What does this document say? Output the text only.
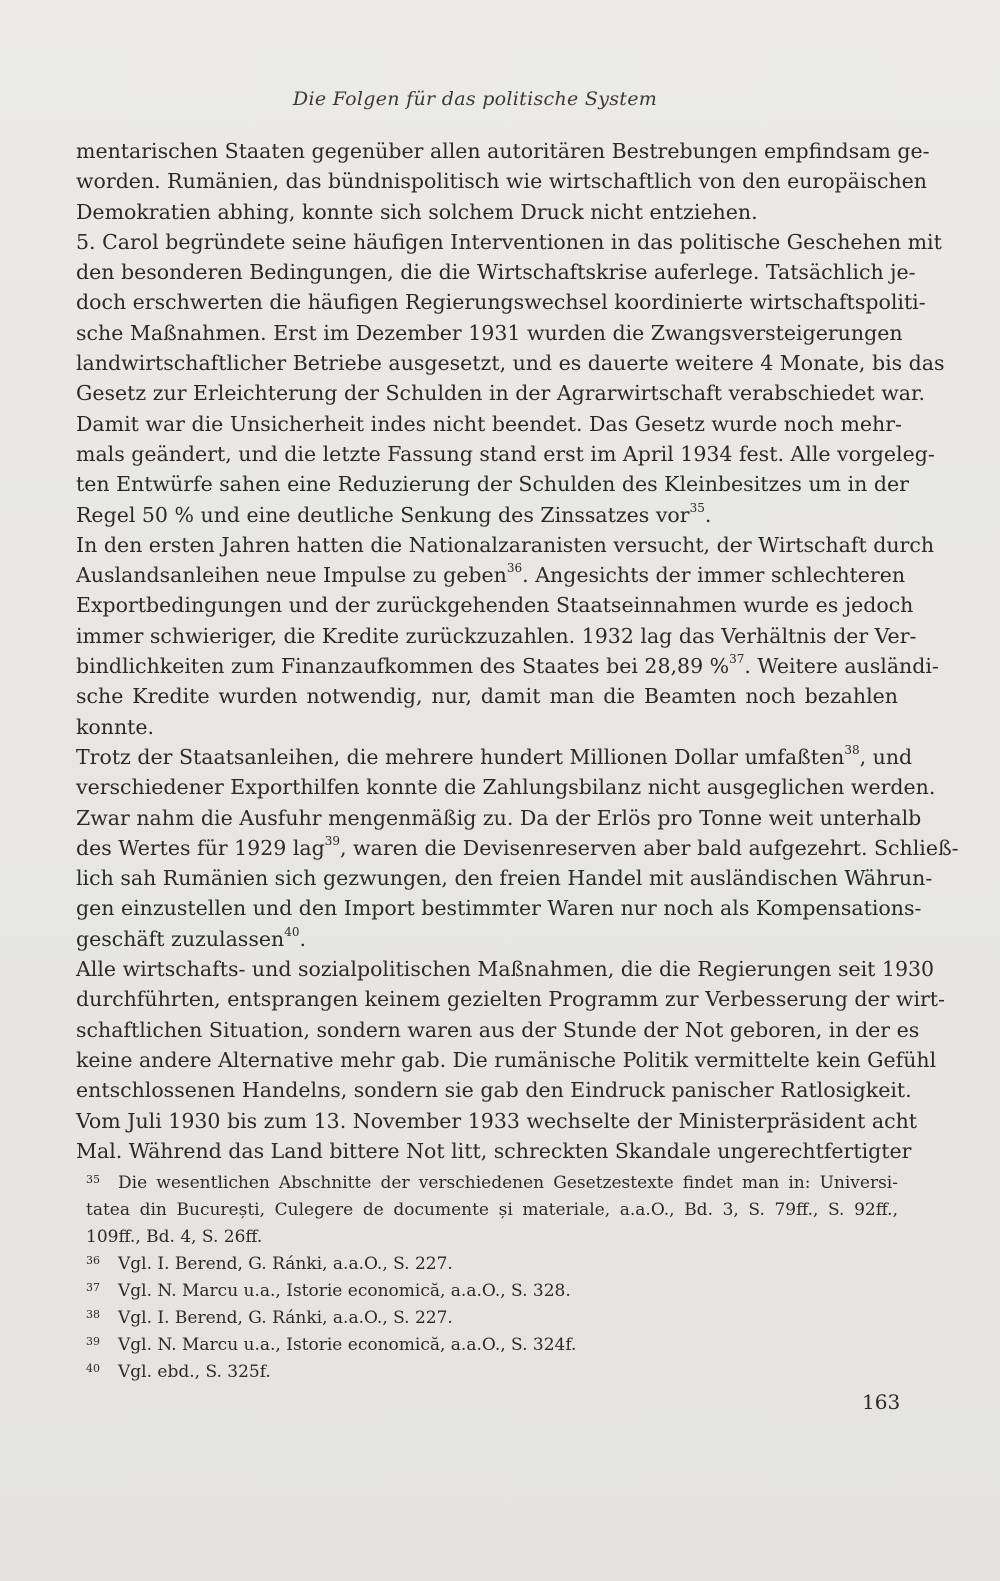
Die Folgen für das politische System
mentarischen Staaten gegenüber allen autoritären Bestrebungen empfindsam ge-
worden. Rumänien, das bündnispolitisch wie wirtschaftlich von den europäischen
Demokratien abhing, konnte sich solchem Druck nicht entziehen.
5. Carol begründete seine häufigen Interventionen in das politische Geschehen mit
den besonderen Bedingungen, die die Wirtschaftskrise auferlege. Tatsächlich je-
doch erschwerten die häufigen Regierungswechsel koordinierte wirtschaftspoliti-
sche Maßnahmen. Erst im Dezember 1931 wurden die Zwangsversteigerungen
landwirtschaftlicher Betriebe ausgesetzt, und es dauerte weitere 4 Monate, bis das
Gesetz zur Erleichterung der Schulden in der Agrarwirtschaft verabschiedet war.
Damit war die Unsicherheit indes nicht beendet. Das Gesetz wurde noch mehr-
mals geändert, und die letzte Fassung stand erst im April 1934 fest. Alle vorgeleg-
ten Entwürfe sahen eine Reduzierung der Schulden des Kleinbesitzes um in der
Regel 50 % und eine deutliche Senkung des Zinssatzes vor$^{35}$.
In den ersten Jahren hatten die Nationalzaranisten versucht, der Wirtschaft durch
Auslandsanleihen neue Impulse zu geben$^{36}$. Angesichts der immer schlechteren
Exportbedingungen und der zurückgehenden Staatseinnahmen wurde es jedoch
immer schwieriger, die Kredite zurückzuzahlen. 1932 lag das Verhältnis der Ver-
bindlichkeiten zum Finanzaufkommen des Staates bei 28,89 %$^{37}$. Weitere ausländi-
sche Kredite wurden notwendig, nur, damit man die Beamten noch bezahlen
konnte.
Trotz der Staatsanleihen, die mehrere hundert Millionen Dollar umfaßten$^{38}$, und
verschiedener Exporthilfen konnte die Zahlungsbilanz nicht ausgeglichen werden.
Zwar nahm die Ausfuhr mengenmäßig zu. Da der Erlös pro Tonne weit unterhalb
des Wertes für 1929 lag$^{39}$, waren die Devisenreserven aber bald aufgezehrt. Schließ-
lich sah Rumänien sich gezwungen, den freien Handel mit ausländischen Währun-
gen einzustellen und den Import bestimmter Waren nur noch als Kompensations-
geschäft zuzulassen$^{40}$.
Alle wirtschafts- und sozialpolitischen Maßnahmen, die die Regierungen seit 1930
durchführten, entsprangen keinem gezielten Programm zur Verbesserung der wirt-
schaftlichen Situation, sondern waren aus der Stunde der Not geboren, in der es
keine andere Alternative mehr gab. Die rumänische Politik vermittelte kein Gefühl
entschlossenen Handelns, sondern sie gab den Eindruck panischer Ratlosigkeit.
Vom Juli 1930 bis zum 13. November 1933 wechselte der Ministerpräsident acht
Mal. Während das Land bittere Not litt, schreckten Skandale ungerechtfertigter
35 Die wesentlichen Abschnitte der verschiedenen Gesetzestexte findet man in: Universi-
tatea din București, Culegere de documente și materiale, a.a.O., Bd. 3, S. 79ff., S. 92ff.,
109ff., Bd. 4, S. 26ff.
36 Vgl. I. Berend, G. Ránki, a.a.O., S. 227.
37 Vgl. N. Marcu u.a., Istorie economică, a.a.O., S. 328.
38 Vgl. I. Berend, G. Ránki, a.a.O., S. 227.
39 Vgl. N. Marcu u.a., Istorie economică, a.a.O., S. 324f.
40 Vgl. ebd., S. 325f.
163
